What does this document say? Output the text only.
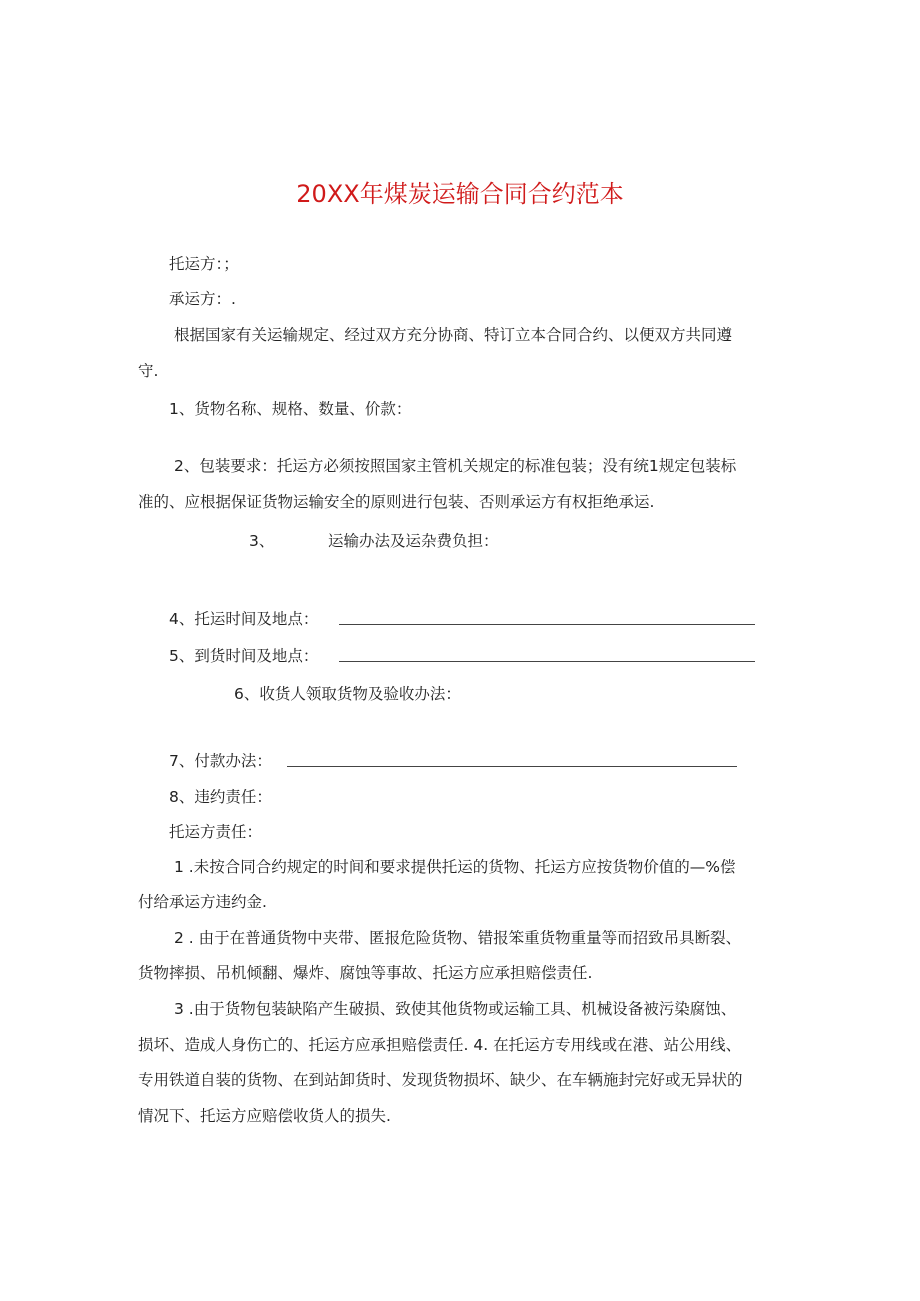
20XX年煤炭运输合同合约范本
托运方：；
承运方：.
根据国家有关运输规定、经过双方充分协商、特订立本合同合约、以便双方共同遵
守.
1、货物名称、规格、数量、价款：
2、包装要求：托运方必须按照国家主管机关规定的标准包装；没有统1规定包装标
准的、应根据保证货物运输安全的原则进行包装、否则承运方有权拒绝承运.
3、	运输办法及运杂费负担：
4、托运时间及地点：
5、到货时间及地点：
6、收货人领取货物及验收办法：
7、付款办法：
8、违约责任：
托运方责任：
1 .未按合同合约规定的时间和要求提供托运的货物、托运方应按货物价值的—%偿
付给承运方违约金.
2 . 由于在普通货物中夹带、匿报危险货物、错报笨重货物重量等而招致吊具断裂、
货物摔损、吊机倾翻、爆炸、腐蚀等事故、托运方应承担赔偿责任.
3 .由于货物包装缺陷产生破损、致使其他货物或运输工具、机械设备被污染腐蚀、
损坏、造成人身伤亡的、托运方应承担赔偿责任. 4. 在托运方专用线或在港、站公用线、
专用铁道自装的货物、在到站卸货时、发现货物损坏、缺少、在车辆施封完好或无异状的
情况下、托运方应赔偿收货人的损失.
